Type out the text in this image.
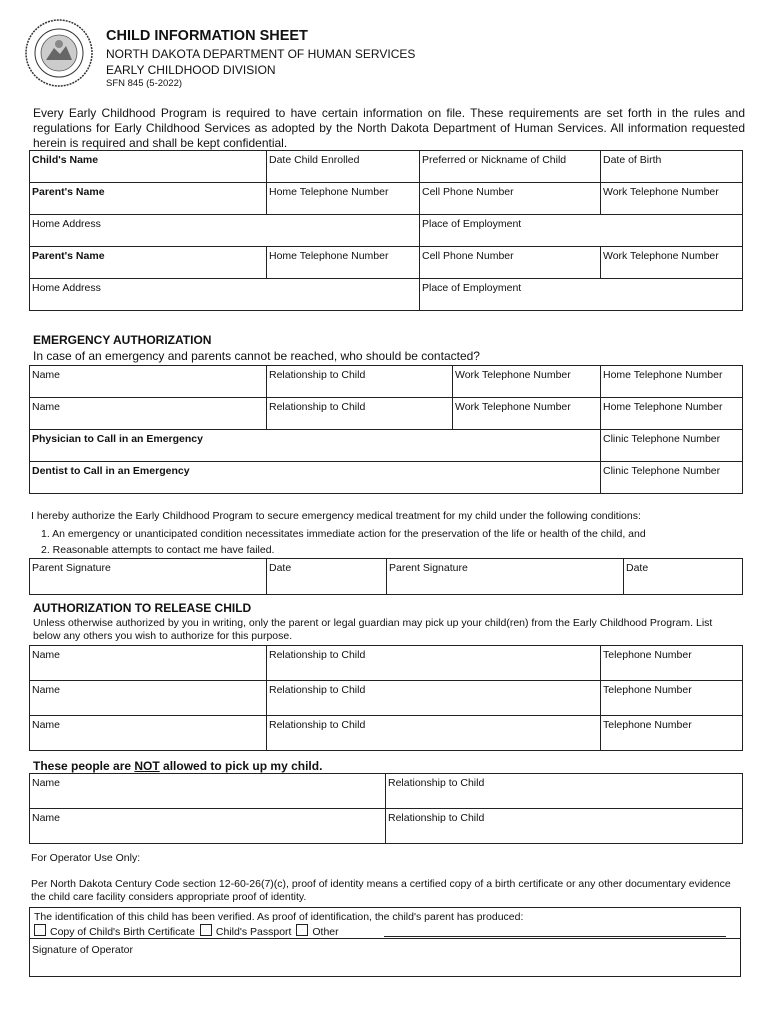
CHILD INFORMATION SHEET
NORTH DAKOTA DEPARTMENT OF HUMAN SERVICES
EARLY CHILDHOOD DIVISION
SFN 845 (5-2022)
Every Early Childhood Program is required to have certain information on file. These requirements are set forth in the rules and regulations for Early Childhood Services as adopted by the North Dakota Department of Human Services. All information requested herein is required and shall be kept confidential.
Child's Name	Date Child Enrolled	Preferred or Nickname of Child	Date of Birth
Parent's Name	Home Telephone Number	Cell Phone Number	Work Telephone Number
Home Address		Place of Employment	
Parent's Name	Home Telephone Number	Cell Phone Number	Work Telephone Number
Home Address		Place of Employment	
EMERGENCY AUTHORIZATION
In case of an emergency and parents cannot be reached, who should be contacted?
Name	Relationship to Child	Work Telephone Number	Home Telephone Number
Name	Relationship to Child	Work Telephone Number	Home Telephone Number
Physician to Call in an Emergency			Clinic Telephone Number
Dentist to Call in an Emergency			Clinic Telephone Number
I hereby authorize the Early Childhood Program to secure emergency medical treatment for my child under the following conditions:
1. An emergency or unanticipated condition necessitates immediate action for the preservation of the life or health of the child, and
2. Reasonable attempts to contact me have failed.
Parent Signature	Date	Parent Signature	Date
AUTHORIZATION TO RELEASE CHILD
Unless otherwise authorized by you in writing, only the parent or legal guardian may pick up your child(ren) from the Early Childhood Program. List below any others you wish to authorize for this purpose.
Name	Relationship to Child	Telephone Number
Name	Relationship to Child	Telephone Number
Name	Relationship to Child	Telephone Number
These people are NOT allowed to pick up my child.
Name	Relationship to Child
Name	Relationship to Child
For Operator Use Only:
Per North Dakota Century Code section 12-60-26(7)(c), proof of identity means a certified copy of a birth certificate or any other documentary evidence the child care facility considers appropriate proof of identity.
The identification of this child has been verified. As proof of identification, the child's parent has produced:
Copy of Child's Birth Certificate Child's Passport Other
Signature of Operator
